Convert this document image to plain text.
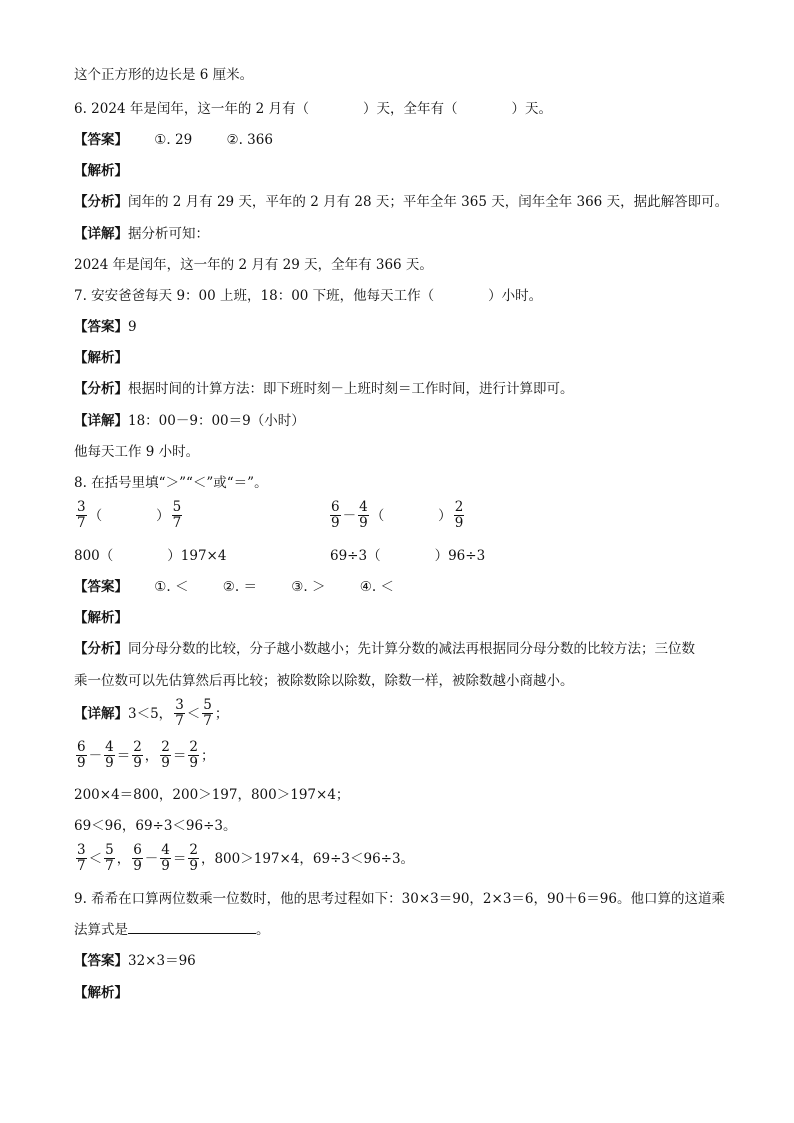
这个正方形的边长是 6 厘米。
6. 2024 年是闰年，这一年的 2 月有（　　　　）天，全年有（　　　　）天。
【答案】 ①. 29	②. 366
【解析】
【分析】闰年的 2 月有 29 天，平年的 2 月有 28 天；平年全年 365 天，闰年全年 366 天，据此解答即可。
【详解】据分析可知：
2024 年是闰年，这一年的 2 月有 29 天，全年有 366 天。
7. 安安爸爸每天 9：00 上班，18：00 下班，他每天工作（　　　　）小时。
【答案】9
【解析】
【分析】根据时间的计算方法：即下班时刻－上班时刻＝工作时间，进行计算即可。
【详解】18：00－9：00＝9（小时）
他每天工作 9 小时。
8. 在括号里填“＞”“＜”或“＝”。
$\frac{3}{7}$ （　　　　） $\frac{5}{7}$	$\frac{6}{9} - \frac{4}{9}$ （　　　　） $\frac{2}{9}$
800（　　　　）197×4	69÷3（　　　　）96÷3
【答案】 ①. ＜	②. ＝	③. ＞	④. ＜
【解析】
【分析】同分母分数的比较，分子越小数越小；先计算分数的减法再根据同分母分数的比较方法；三位数
乘一位数可以先估算然后再比较；被除数除以除数，除数一样，被除数越小商越小。
【详解】3＜5， $\frac{3}{7} < \frac{5}{7}$ ；
$\frac{6}{9} - \frac{4}{9} = \frac{2}{9}$ ， $\frac{2}{9} = \frac{2}{9}$ ；
200×4＝800，200＞197，800＞197×4；
69＜96，69÷3＜96÷3。
$\frac{3}{7} < \frac{5}{7}$ ， $\frac{6}{9} - \frac{4}{9} = \frac{2}{9}$ ，800＞197×4，69÷3＜96÷3。
9. 希希在口算两位数乘一位数时，他的思考过程如下：30×3＝90，2×3＝6，90＋6＝96。他口算的这道乘
法算式是	。
【答案】32×3＝96
【解析】
